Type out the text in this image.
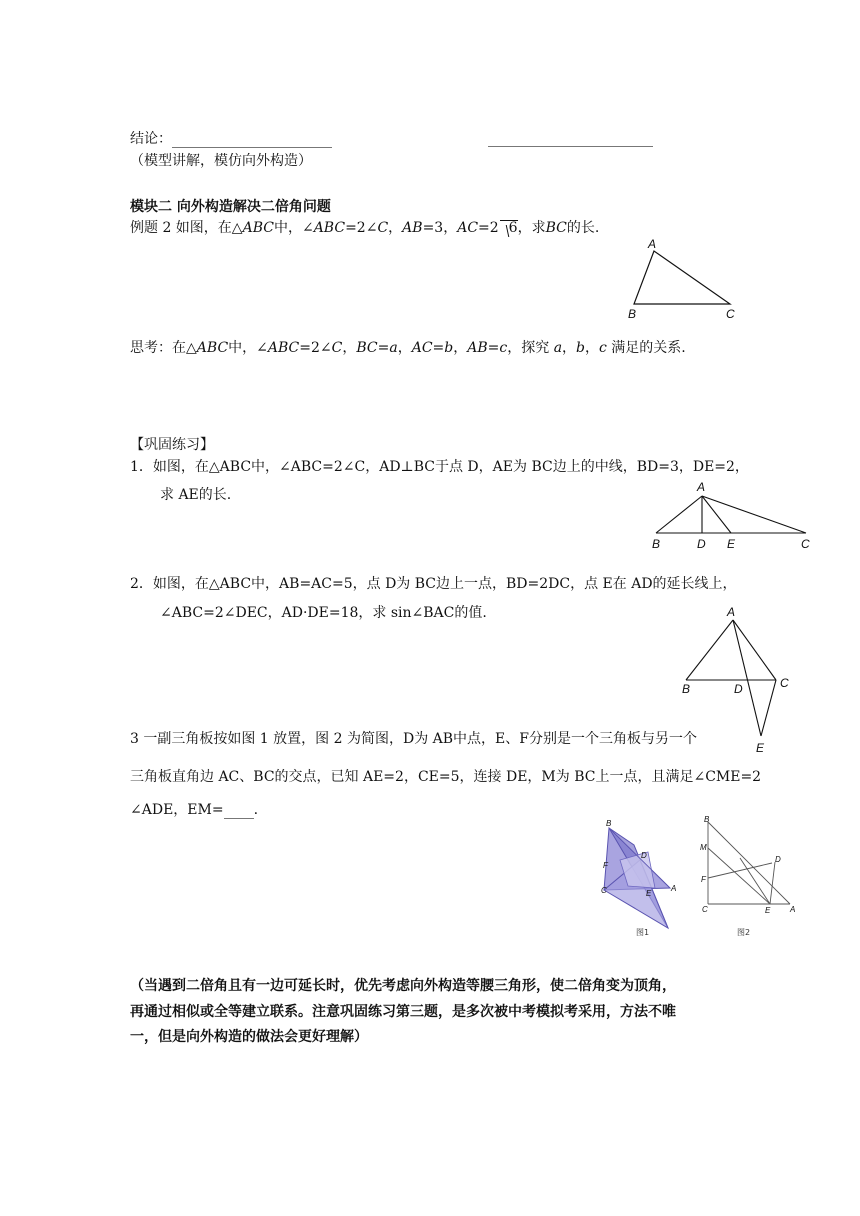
结论：
（模型讲解，模仿向外构造）
模块二 向外构造解决二倍角问题
例题 2 如图，在△ABC中，∠ABC=2∠C，AB=3，AC=2 6，求BC的长.
A
B	C
思考：在△ABC中，∠ABC=2∠C，BC=a，AC=b，AB=c，探究 a，b，c 满足的关系.
【巩固练习】
1．如图，在△ABC中，∠ABC=2∠C，AD⊥BC于点 D，AE为 BC边上的中线，BD=3，DE=2，
求 AE的长.	A
B	D E	C
2．如图，在△ABC中，AB=AC=5，点 D为 BC边上一点，BD=2DC，点 E在 AD的延长线上，
∠ABC=2∠DEC，AD·DE=18，求 sin∠BAC的值.	A
B	D	C
E
3 一副三角板按如图 1 放置，图 2 为简图，D为 AB中点，E、F分别是一个三角板与另一个
三角板直角边 AC、BC的交点，已知 AE=2，CE=5，连接 DE，M为 BC上一点，且满足∠CME=2
∠ADE，EM= .
B
F
D
C	E
A
图1
B
M
D
F
C	E A
图2
（当遇到二倍角且有一边可延长时，优先考虑向外构造等腰三角形，使二倍角变为顶角，
再通过相似或全等建立联系。注意巩固练习第三题，是多次被中考模拟考采用，方法不唯
一，但是向外构造的做法会更好理解）
